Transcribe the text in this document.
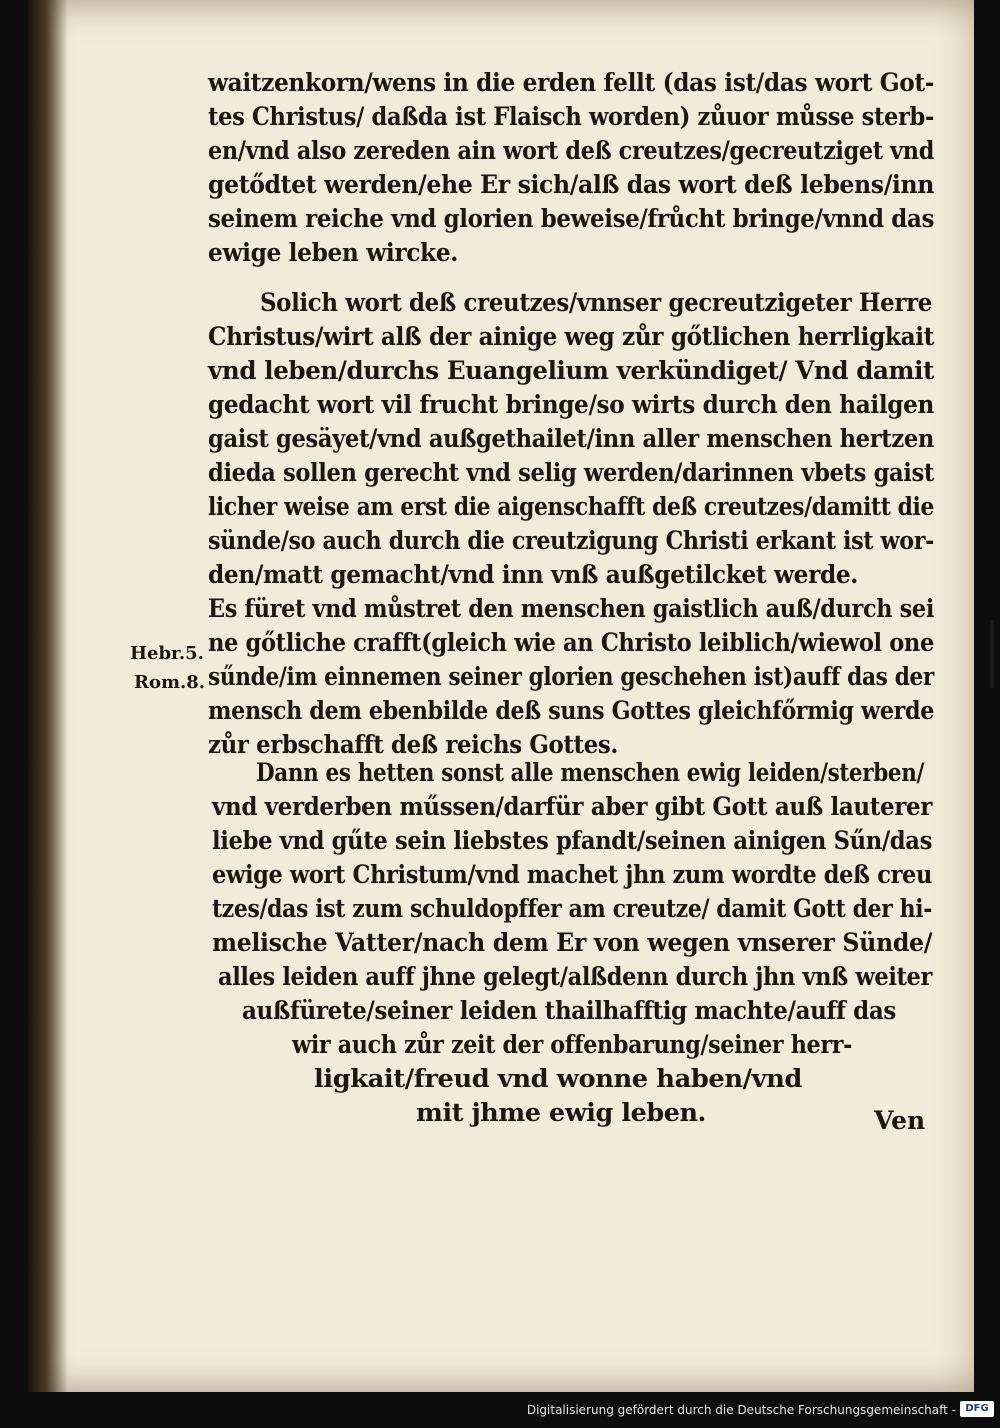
waitzenkorn/wens in die erden fellt (das ist/das wort Got-

tes Christus/ daßda ist Flaisch worden) zůuor můsse sterb-

en/vnd also zereden ain wort deß creutzes/gecreutziget vnd

getődtet werden/ehe Er sich/alß das wort deß lebens/inn

seinem reiche vnd glorien beweise/frůcht bringe/vnnd das

ewige leben wircke.

Solich wort deß creutzes/vnnser gecreutzigeter Herre

Christus/wirt alß der ainige weg zůr gőtlichen herrligkait

vnd leben/durchs Euangelium verkündiget/ Vnd damit

gedacht wort vil frucht bringe/so wirts durch den hailgen

gaist gesäyet/vnd außgethailet/inn aller menschen hertzen

dieda sollen gerecht vnd selig werden/darinnen vbets gaist

licher weise am erst die aigenschafft deß creutzes/damitt die

sünde/so auch durch die creutzigung Christi erkant ist wor-

den/matt gemacht/vnd inn vnß außgetilcket werde.

Es füret vnd můstret den menschen gaistlich auß/durch sei

ne gőtliche crafft(gleich wie an Christo leiblich/wiewol one

sűnde/im einnemen seiner glorien geschehen ist)auff das der

mensch dem ebenbilde deß suns Gottes gleichfőrmig werde

zůr erbschafft deß reichs Gottes.

Dann es hetten sonst alle menschen ewig leiden/sterben/

vnd verderben műssen/darfür aber gibt Gott auß lauterer

liebe vnd gűte sein liebstes pfandt/seinen ainigen Sűn/das

ewige wort Christum/vnd machet jhn zum wordte deß creu

tzes/das ist zum schuldopffer am creutze/ damit Gott der hi-

melische Vatter/nach dem Er von wegen vnserer Sünde/

alles leiden auff jhne gelegt/alßdenn durch jhn vnß weiter

außfürete/seiner leiden thailhafftig machte/auff das

wir auch zůr zeit der offenbarung/seiner herr-

ligkait/freud vnd wonne haben/vnd

mit jhme ewig leben.

Hebr.5.

Rom.8.

Ven

Digitalisierung gefördert durch die Deutsche Forschungsgemeinschaft - DFG
